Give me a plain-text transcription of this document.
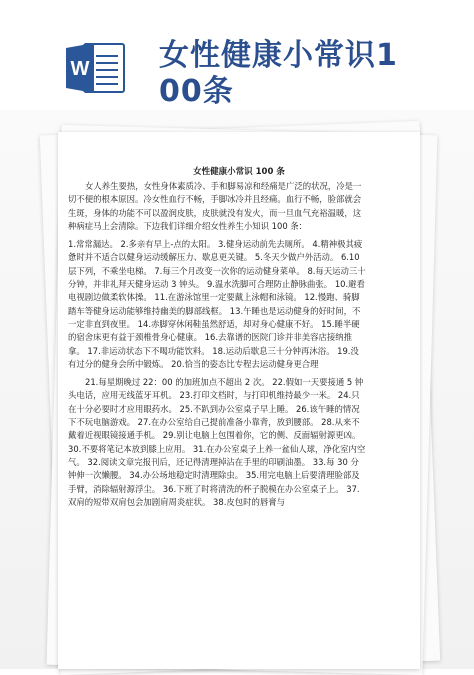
W 女性健康小常识1
00条
女性健康小常识 100 条

女人养生要热，女性身体素质冷、手和脚易凉和经痛是广泛的状况，冷是一切不便的根本原因。冷女性血行不畅，手脚冰冷并且经痛。血行不畅，脸部就会生斑，身体的功能不可以盈润皮肤，皮肤就没有发火，而一旦血气充裕温暖，这种病症马上会清除。下边我们详细介绍女性养生小知识 100 条：

1.常常漏达。 2.多亲有早上-点的太阳。 3.健身运动前先去厕所。 4.精神极其疲惫时并不适合以健身运动缓解压力、歇息更关键。 5.冬天少做户外活动。 6.10 层下列，不乘坐电梯。 7.每三个月改变一次你的运动健身菜单。 8.每天运动三十分钟，并非礼拜天健身运动 3 钟头。 9.温水洗脚可合理防止静脉曲张。 10.避看电视剧边做柔软体操。 11.在游泳馆里一定要戴上泳帽和泳镜。 12.慢跑、骑脚踏车等健身运动能够维持幽美的脚部线框。 13.午睡也是运动健身的好时间，不一定非直到夜里。 14.赤脚穿休闲鞋虽然舒适，却对身心健康不好。 15.睡半硬的宿舍床更有益于颈椎骨身心健康。 16.去靠谱的医院门诊并非美容店接纳推拿。 17.非运动状态下不喝功能饮料。 18.运动后歇息三十分钟再沐浴。 19.没有过分的健身会所中锻炼。 20.恰当的姿态比专程去运动健身更合理

21.每星期晚过 22：00 的加班加点不超出 2 次。 22.假如一天要接通 5 钟头电话，应用无线蓝牙耳机。 23.打印文档时，与打印机维持最少一米。 24.只在十分必要时才应用眼药水。 25.不趴到办公室桌子早上睡。 26.该午睡的情况下不玩电脑游戏。 27.在办公室给自己提前准备小靠背，放到腰部。 28.从来不戴着近视眼镜接通手机。 29.别让电脑上包围着你，它的侧、反面辐射源更凶。 30.不要将笔记本放到膝上应用。 31.在办公室桌子上养一盆仙人球，净化室内空气。 32.阅读文章完报刊后，还记得清理掉沾在手里的印刷油墨。 33.每 30 分钟伸一次懒腰。 34.办公场地稳定时清理除虫。 35.用完电脑上后要清理脸部及手臂，消除辐射源浮尘。 36.下班了时将清洗的杯子脱模在办公室桌子上。 37.双肩的短带双肩包会加剧肩周炎症状。 38.皮包时的唇膏与
